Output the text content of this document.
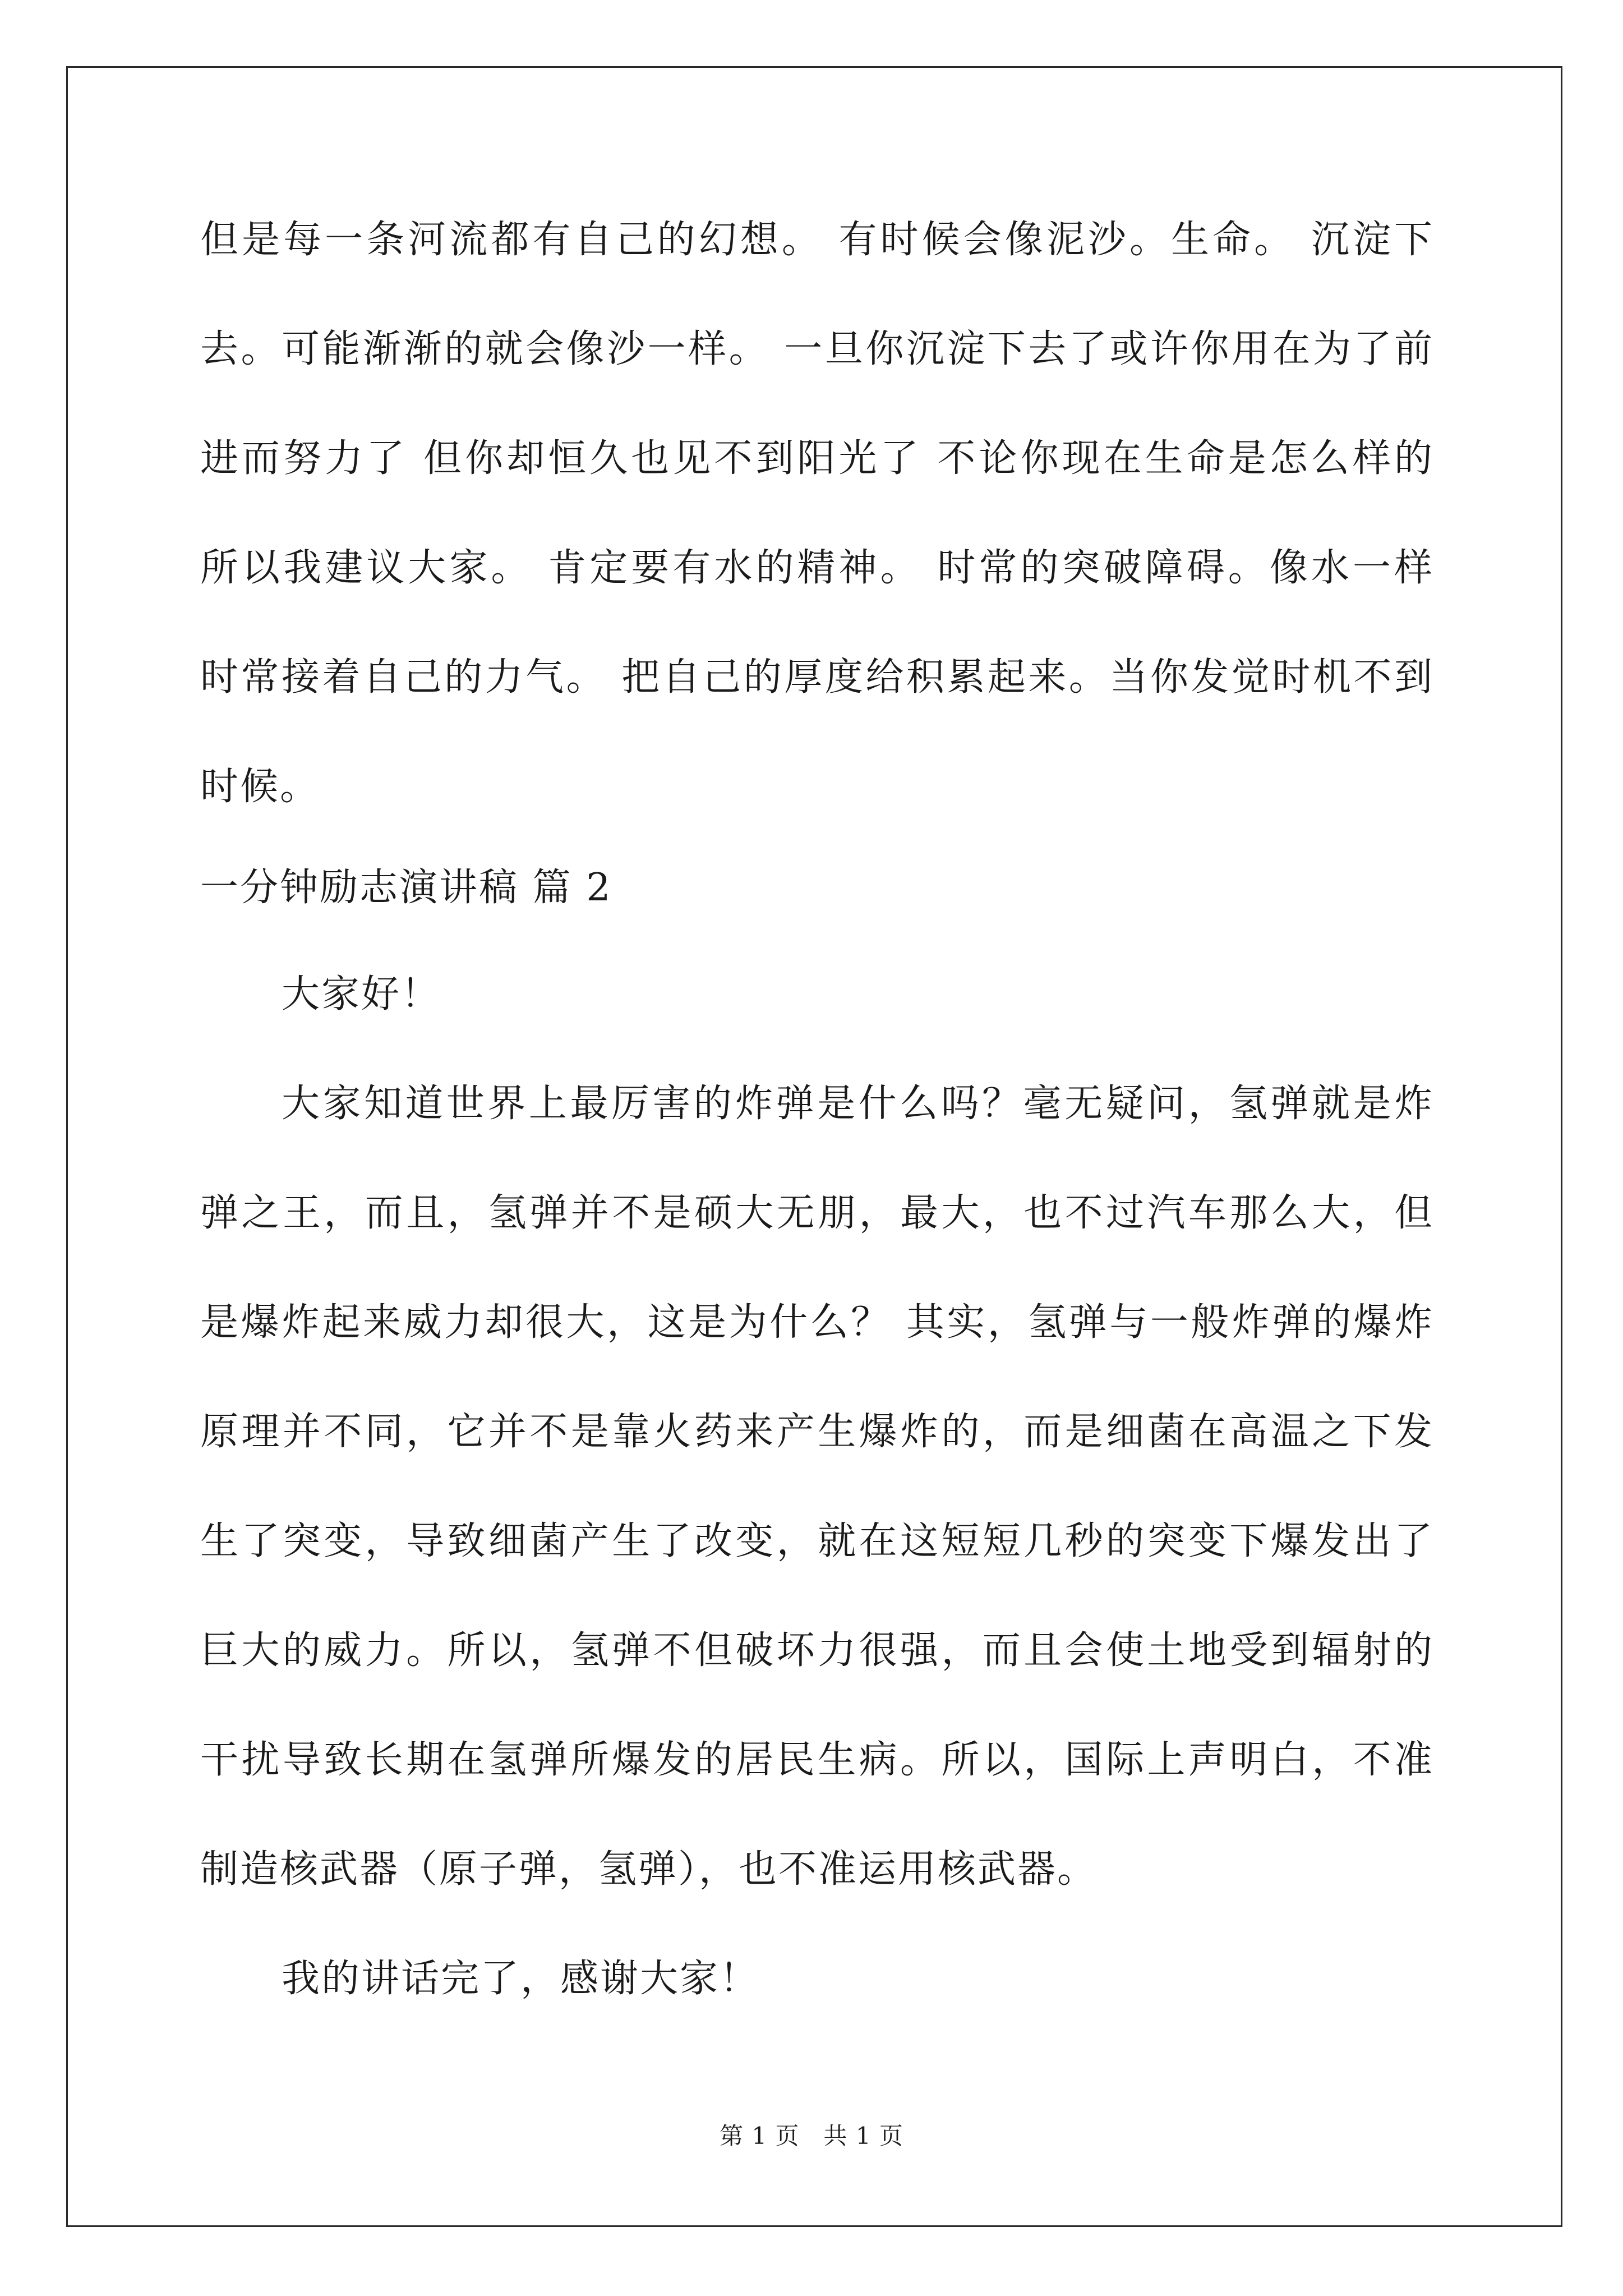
但是每一条河流都有自己的幻想。 有时候会像泥沙。生命。 沉淀下
去。可能渐渐的就会像沙一样。 一旦你沉淀下去了或许你用在为了前
进而努力了 但你却恒久也见不到阳光了 不论你现在生命是怎么样的
所以我建议大家。 肯定要有水的精神。 时常的突破障碍。像水一样
时常接着自己的力气。 把自己的厚度给积累起来。当你发觉时机不到
时候。
一分钟励志演讲稿 篇 2
大家好！
大家知道世界上最厉害的炸弹是什么吗？毫无疑问，氢弹就是炸
弹之王，而且，氢弹并不是硕大无朋，最大，也不过汽车那么大，但
是爆炸起来威力却很大，这是为什么？ 其实，氢弹与一般炸弹的爆炸
原理并不同，它并不是靠火药来产生爆炸的，而是细菌在高温之下发
生了突变，导致细菌产生了改变，就在这短短几秒的突变下爆发出了
巨大的威力。所以，氢弹不但破坏力很强，而且会使土地受到辐射的
干扰导致长期在氢弹所爆发的居民生病。所以，国际上声明白，不准
制造核武器（原子弹，氢弹），也不准运用核武器。
我的讲话完了，感谢大家！
第 1 页　共 1 页
